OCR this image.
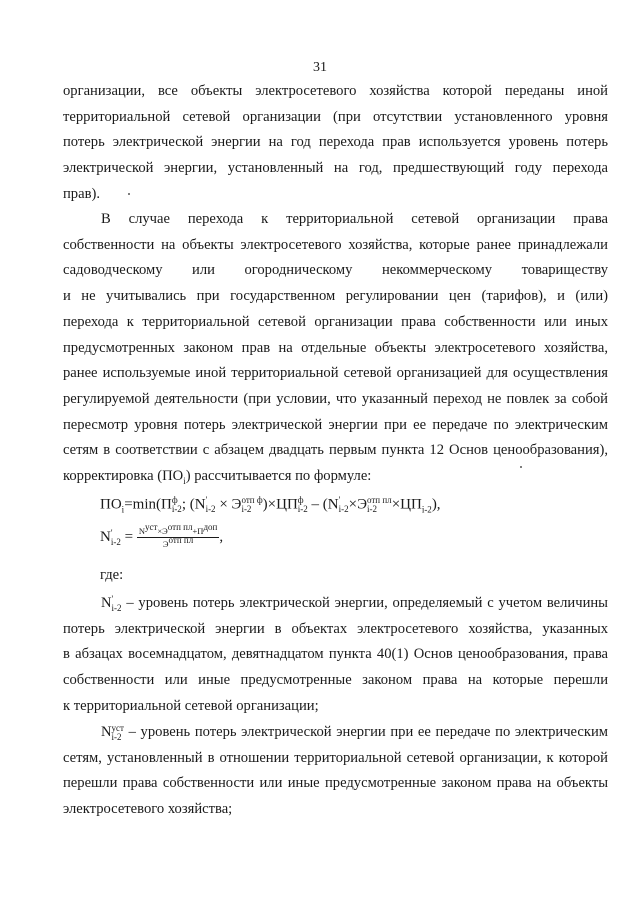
31
организации, все объекты электросетевого хозяйства которой переданы иной
территориальной сетевой организации (при отсутствии установленного уровня
потерь электрической энергии на год перехода прав используется уровень потерь
электрической энергии, установленный на год, предшествующий году перехода
прав).
В случае перехода к территориальной сетевой организации права
собственности на объекты электросетевого хозяйства, которые ранее принадлежали
садоводческому или огородническому некоммерческому товариществу
и не учитывались при государственном регулировании цен (тарифов), и (или)
перехода к территориальной сетевой организации права собственности или иных
предусмотренных законом прав на отдельные объекты электросетевого хозяйства,
ранее используемые иной территориальной сетевой организацией для осуществления
регулируемой деятельности (при условии, что указанный переход не повлек за собой
пересмотр уровня потерь электрической энергии при ее передаче по электрическим
сетям в соответствии с абзацем двадцать первым пункта 12 Основ ценообразования),
корректировка $(ПО_i)$ рассчитывается по формуле:
$ПО_i=\min(П$ ф
i-2 ; (N '
i-2 × Э отп ф
i-2 )×ЦП ф
i-2 – (N '
i-2 ×Э отп пл
$i-2 \times ЦП_{i-2}$),
N '
$i-2 = \frac{N^{уст}\times Э^{отп пл}+П^{доп}}{Э^{отп пл}}$ ,
где:
N '
i-2 – уровень потерь электрической энергии, определяемый с учетом величины
потерь электрической энергии в объектах электросетевого хозяйства, указанных
в абзацах восемнадцатом, девятнадцатом пункта 40(1) Основ ценообразования, права
собственности или иные предусмотренные законом права на которые перешли
к территориальной сетевой организации;
N уст
i-2 – уровень потерь электрической энергии при ее передаче по электрическим
сетям, установленный в отношении территориальной сетевой организации, к которой
перешли права собственности или иные предусмотренные законом права на объекты
электросетевого хозяйства;
